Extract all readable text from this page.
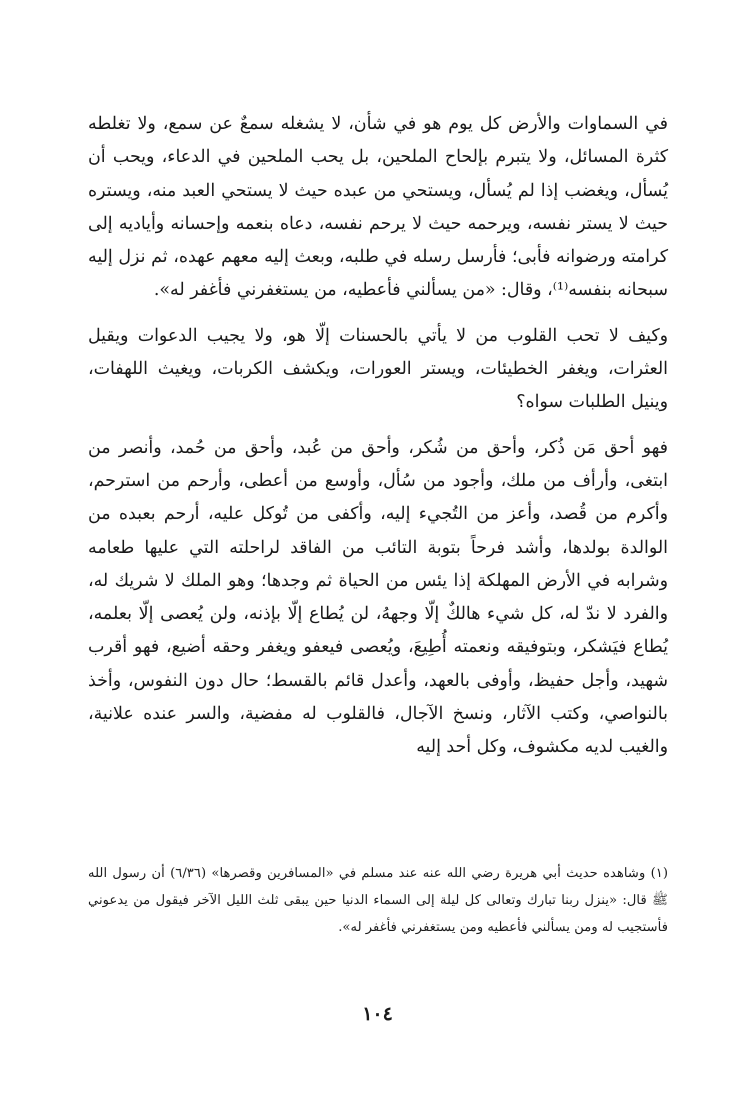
في السماوات والأرض كل يوم هو في شأن، لا يشغله سمعٌ عن سمع، ولا تغلطه كثرة المسائل، ولا يتبرم بإلحاح الملحين، بل يحب الملحين في الدعاء، ويحب أن يُسأل، ويغضب إذا لم يُسأل، ويستحي من عبده حيث لا يستحي العبد منه، ويستره حيث لا يستر نفسه، ويرحمه حيث لا يرحم نفسه، دعاه بنعمه وإحسانه وأياديه إلى كرامته ورضوانه فأبى؛ فأرسل رسله في طلبه، وبعث إليه معهم عهده، ثم نزل إليه سبحانه بنفسه⁽¹⁾، وقال: «من يسألني فأعطيه، من يستغفرني فأغفر له».

وكيف لا تحب القلوب من لا يأتي بالحسنات إلّا هو، ولا يجيب الدعوات ويقيل العثرات، ويغفر الخطيئات، ويستر العورات، ويكشف الكربات، ويغيث اللهفات، وينيل الطلبات سواه؟

فهو أحق مَن ذُكر، وأحق من شُكر، وأحق من عُبد، وأحق من حُمد، وأنصر من ابتغى، وأرأف من ملك، وأجود من سُأل، وأوسع من أعطى، وأرحم من استرحم، وأكرم من قُصد، وأعز من التُجيء إليه، وأكفى من تُوكل عليه، أرحم بعبده من الوالدة بولدها، وأشد فرحاً بتوبة التائب من الفاقد لراحلته التي عليها طعامه وشرابه في الأرض المهلكة إذا يئس من الحياة ثم وجدها؛ وهو الملك لا شريك له، والفرد لا ندّ له، كل شيء هالكٌ إلّا وجههُ، لن يُطاع إلّا بإذنه، ولن يُعصى إلّا بعلمه، يُطاع فيَشكر، وبتوفيقه ونعمته أُطِيعَ، ويُعصى فيعفو ويغفر وحقه أضيع، فهو أقرب شهيد، وأجل حفيظ، وأوفى بالعهد، وأعدل قائم بالقسط؛ حال دون النفوس، وأخذ بالنواصي، وكتب الآثار، ونسخ الآجال، فالقلوب له مفضية، والسر عنده علانية، والغيب لديه مكشوف، وكل أحد إليه

(١) وشاهده حديث أبي هريرة رضي الله عنه عند مسلم في «المسافرين وقصرها» (٦/٣٦) أن رسول الله ﷺ قال: «ينزل ربنا تبارك وتعالى كل ليلة إلى السماء الدنيا حين يبقى ثلث الليل الآخر فيقول من يدعوني فأستجيب له ومن يسألني فأعطيه ومن يستغفرني فأغفر له».

١٠٤
